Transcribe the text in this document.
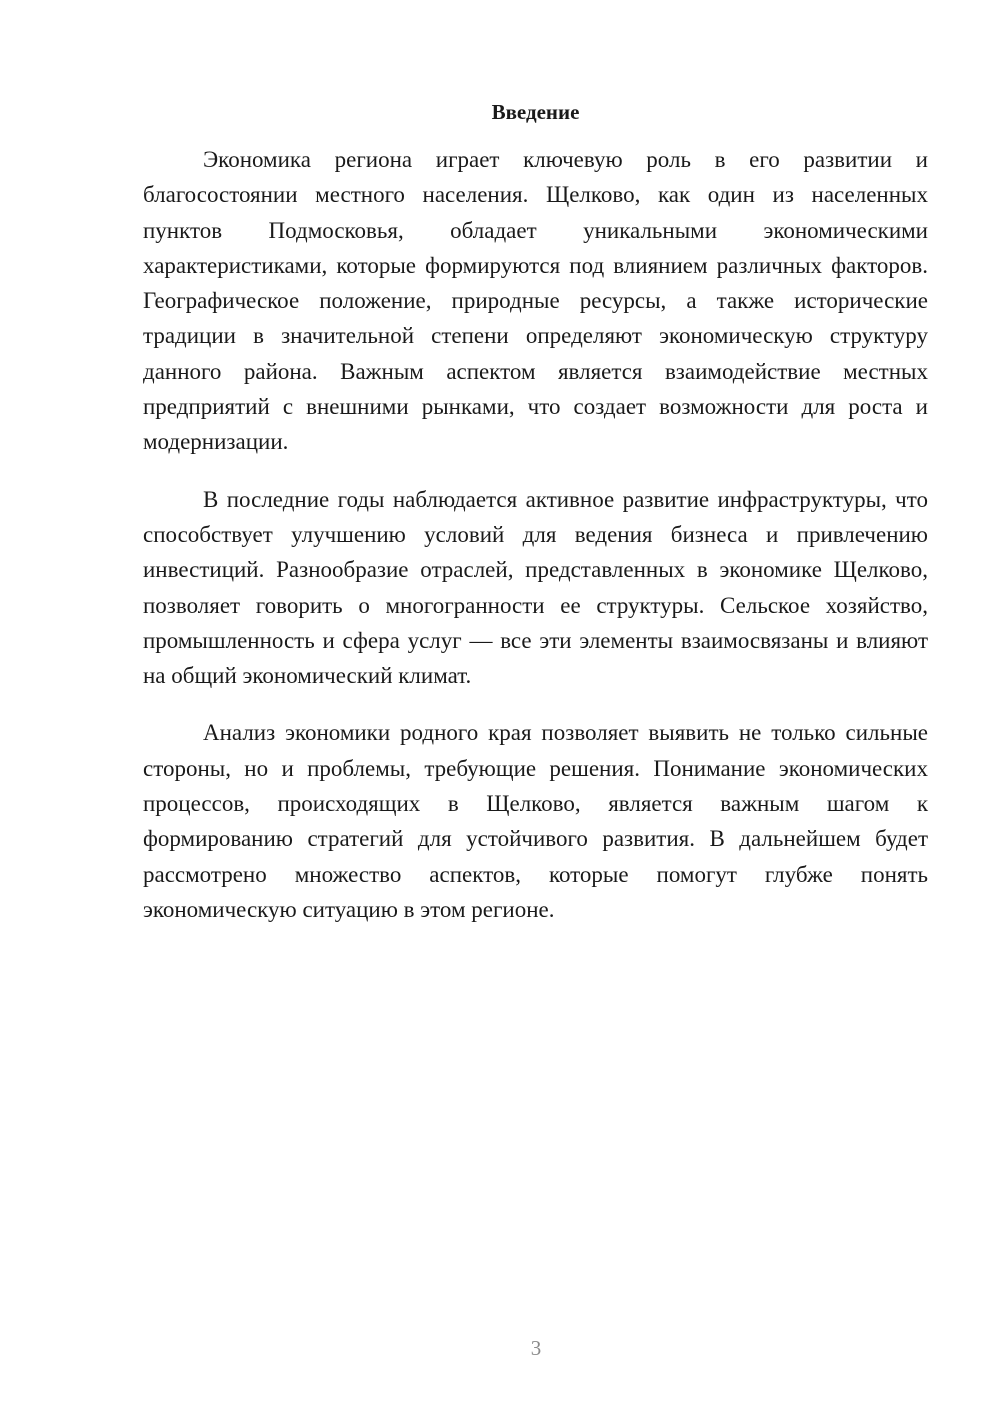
Введение

Экономика региона играет ключевую роль в его развитии и благосостоянии местного населения. Щелково, как один из населенных пунктов Подмосковья, обладает уникальными экономическими характеристиками, которые формируются под влиянием различных факторов. Географическое положение, природные ресурсы, а также исторические традиции в значительной степени определяют экономическую структуру данного района. Важным аспектом является взаимодействие местных предприятий с внешними рынками, что создает возможности для роста и модернизации.

В последние годы наблюдается активное развитие инфраструктуры, что способствует улучшению условий для ведения бизнеса и привлечению инвестиций. Разнообразие отраслей, представленных в экономике Щелково, позволяет говорить о многогранности ее структуры. Сельское хозяйство, промышленность и сфера услуг — все эти элементы взаимосвязаны и влияют на общий экономический климат.

Анализ экономики родного края позволяет выявить не только сильные стороны, но и проблемы, требующие решения. Понимание экономических процессов, происходящих в Щелково, является важным шагом к формированию стратегий для устойчивого развития. В дальнейшем будет рассмотрено множество аспектов, которые помогут глубже понять экономическую ситуацию в этом регионе.

3
